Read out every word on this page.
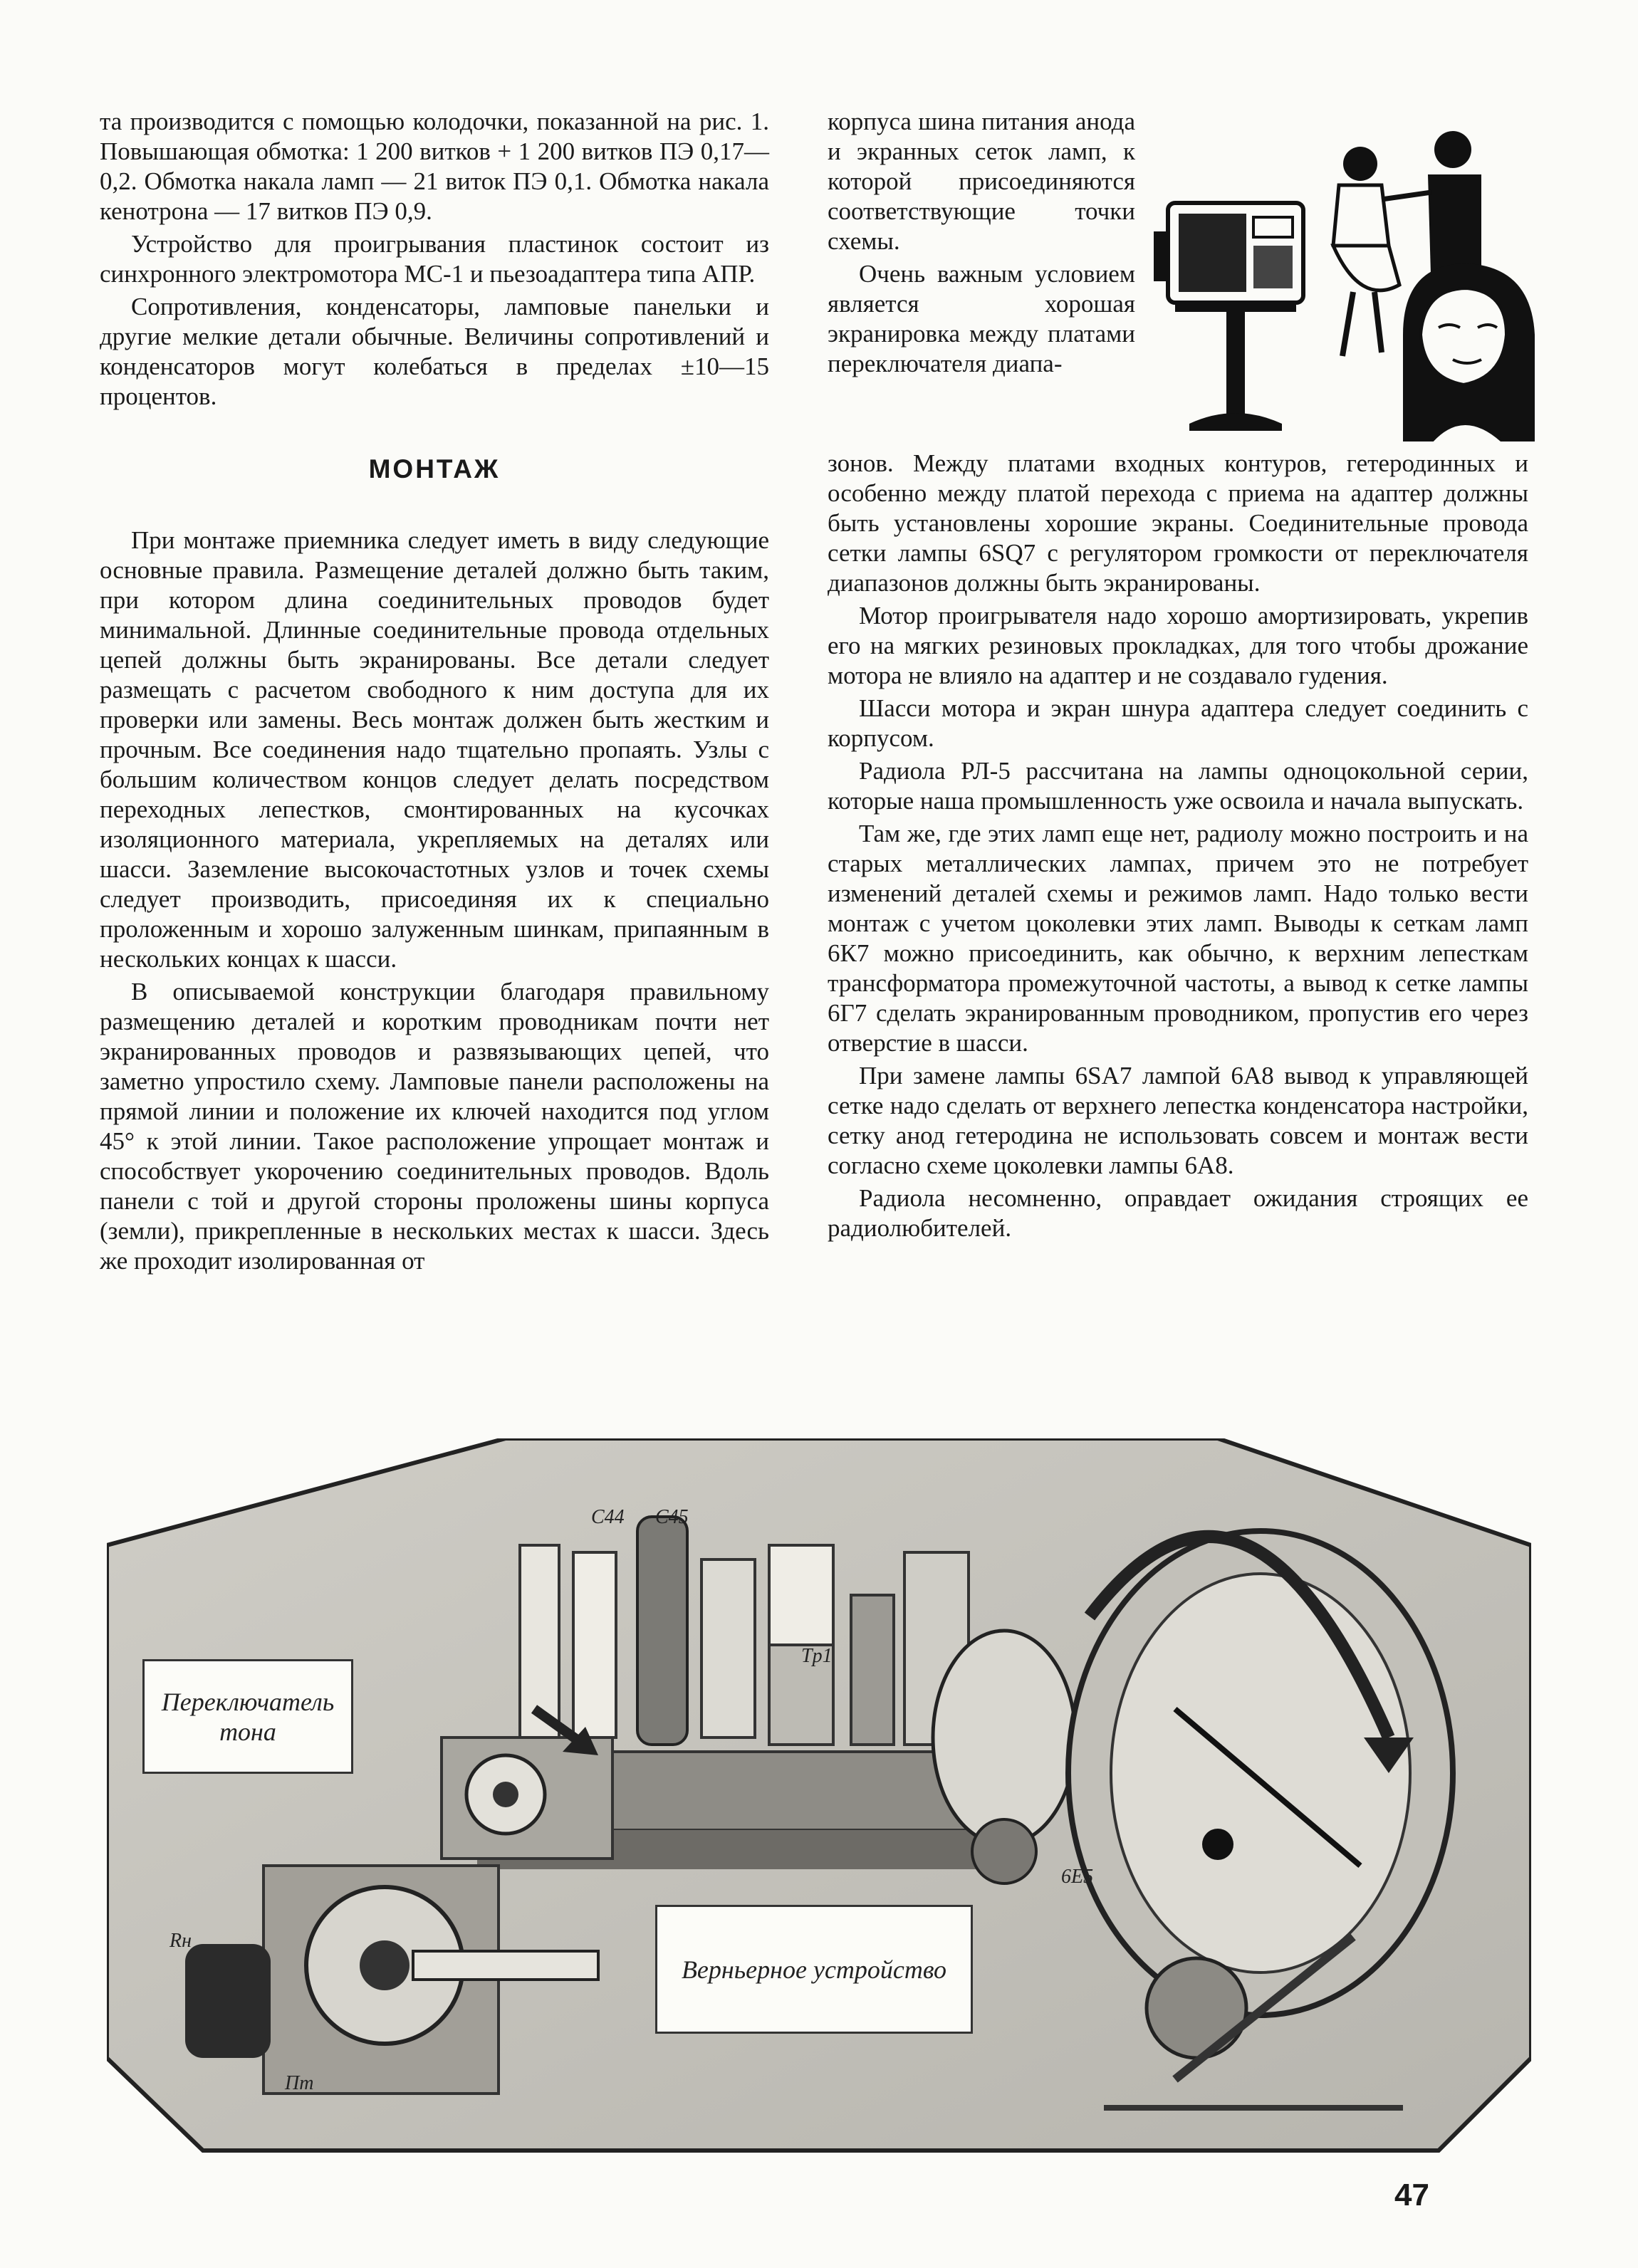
та производится с помощью колодочки, показанной на рис. 1. Повышающая обмотка: 1 200 витков + 1 200 витков ПЭ 0,17—0,2. Обмотка накала ламп — 21 виток ПЭ 0,1. Обмотка накала кенотрона — 17 витков ПЭ 0,9.

Устройство для проигрывания пластинок состоит из синхронного электромотора МС-1 и пьезоадаптера типа АПР.

Сопротивления, конденсаторы, ламповые панельки и другие мелкие детали обычные. Величины сопротивлений и конденсаторов могут колебаться в пределах ±10—15 процентов.

МОНТАЖ

При монтаже приемника следует иметь в виду следующие основные правила. Размещение деталей должно быть таким, при котором длина соединительных проводов будет минимальной. Длинные соединительные провода отдельных цепей должны быть экранированы. Все детали следует размещать с расчетом свободного к ним доступа для их проверки или замены. Весь монтаж должен быть жестким и прочным. Все соединения надо тщательно пропаять. Узлы с большим количеством концов следует делать посредством переходных лепестков, смонтированных на кусочках изоляционного материала, укрепляемых на деталях или шасси. Заземление высокочастотных узлов и точек схемы следует производить, присоединяя их к специально проложенным и хорошо залуженным шинкам, припаянным в нескольких концах к шасси.

В описываемой конструкции благодаря правильному размещению деталей и коротким проводникам почти нет экранированных проводов и развязывающих цепей, что заметно упростило схему. Ламповые панели расположены на прямой линии и положение их ключей находится под углом 45° к этой линии. Такое расположение упрощает монтаж и способствует укорочению соединительных проводов. Вдоль панели с той и другой стороны проложены шины корпуса (земли), прикрепленные в нескольких местах к шасси. Здесь же проходит изолированная от

корпуса шина питания анода и экранных сеток ламп, к которой присоединяются соответствующие точки схемы.

Очень важным условием является хорошая экранировка между платами переключателя диапа-

зонов. Между платами входных контуров, гетеродинных и особенно между платой перехода с приема на адаптер должны быть установлены хорошие экраны. Соединительные провода сетки лампы 6SQ7 с регулятором громкости от переключателя диапазонов должны быть экранированы.

Мотор проигрывателя надо хорошо амортизировать, укрепив его на мягких резиновых прокладках, для того чтобы дрожание мотора не влияло на адаптер и не создавало гудения.

Шасси мотора и экран шнура адаптера следует соединить с корпусом.

Радиола РЛ-5 рассчитана на лампы одноцокольной серии, которые наша промышленность уже освоила и начала выпускать.

Там же, где этих ламп еще нет, радиолу можно построить и на старых металлических лампах, причем это не потребует изменений деталей схемы и режимов ламп. Надо только вести монтаж с учетом цоколевки этих ламп. Выводы к сеткам ламп 6К7 можно присоединить, как обычно, к верхним лепесткам трансформатора промежуточной частоты, а вывод к сетке лампы 6Г7 сделать экранированным проводником, пропустив его через отверстие в шасси.

При замене лампы 6SA7 лампой 6А8 вывод к управляющей сетке надо сделать от верхнего лепестка конденсатора настройки, сетку анод гетеродина не использовать совсем и монтаж вести согласно схеме цоколевки лампы 6А8.

Радиола несомненно, оправдает ожидания строящих ее радиолюбителей.

Переключатель тона
Верньерное устройство
C44 C45
Tp1
6E5
Rн
Пт
47
